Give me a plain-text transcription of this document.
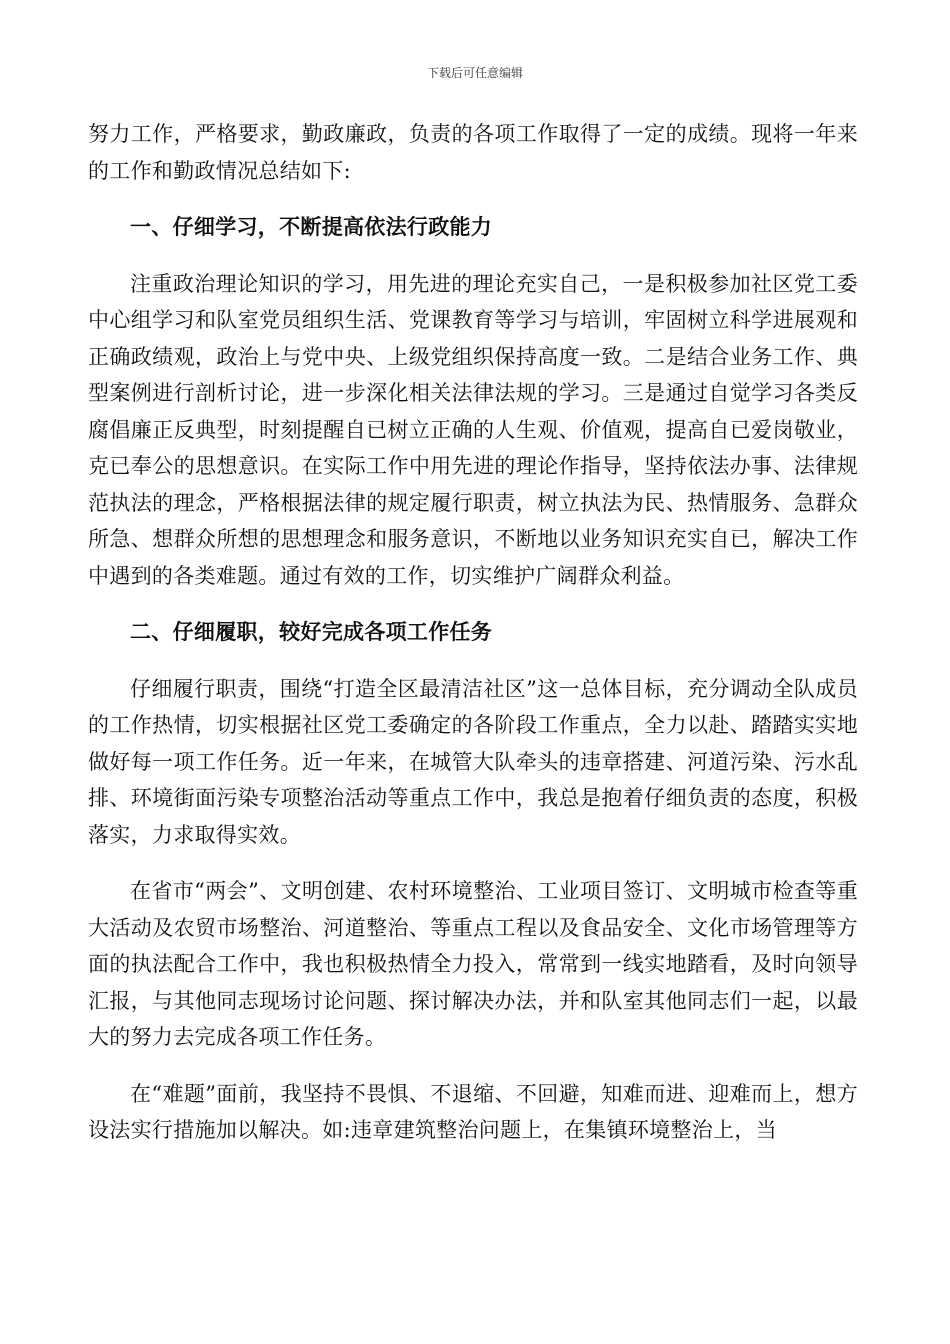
下载后可任意编辑

努力工作，严格要求，勤政廉政，负责的各项工作取得了一定的成绩。现将一年来的工作和勤政情况总结如下:

一、仔细学习，不断提高依法行政能力

注重政治理论知识的学习，用先进的理论充实自己，一是积极参加社区党工委中心组学习和队室党员组织生活、党课教育等学习与培训，牢固树立科学进展观和正确政绩观，政治上与党中央、上级党组织保持高度一致。二是结合业务工作、典型案例进行剖析讨论，进一步深化相关法律法规的学习。三是通过自觉学习各类反腐倡廉正反典型，时刻提醒自已树立正确的人生观、价值观，提高自已爱岗敬业，克已奉公的思想意识。在实际工作中用先进的理论作指导，坚持依法办事、法律规范执法的理念，严格根据法律的规定履行职责，树立执法为民、热情服务、急群众所急、想群众所想的思想理念和服务意识，不断地以业务知识充实自已，解决工作中遇到的各类难题。通过有效的工作，切实维护广阔群众利益。

二、仔细履职，较好完成各项工作任务

仔细履行职责，围绕“打造全区最清洁社区”这一总体目标，充分调动全队成员的工作热情，切实根据社区党工委确定的各阶段工作重点，全力以赴、踏踏实实地做好每一项工作任务。近一年来，在城管大队牵头的违章搭建、河道污染、污水乱排、环境街面污染专项整治活动等重点工作中，我总是抱着仔细负责的态度，积极落实，力求取得实效。

在省市“两会”、文明创建、农村环境整治、工业项目签订、文明城市检查等重大活动及农贸市场整治、河道整治、等重点工程以及食品安全、文化市场管理等方面的执法配合工作中，我也积极热情全力投入，常常到一线实地踏看，及时向领导汇报，与其他同志现场讨论问题、探讨解决办法，并和队室其他同志们一起，以最大的努力去完成各项工作任务。

在“难题”面前，我坚持不畏惧、不退缩、不回避，知难而进、迎难而上，想方设法实行措施加以解决。如:违章建筑整治问题上，在集镇环境整治上，当
